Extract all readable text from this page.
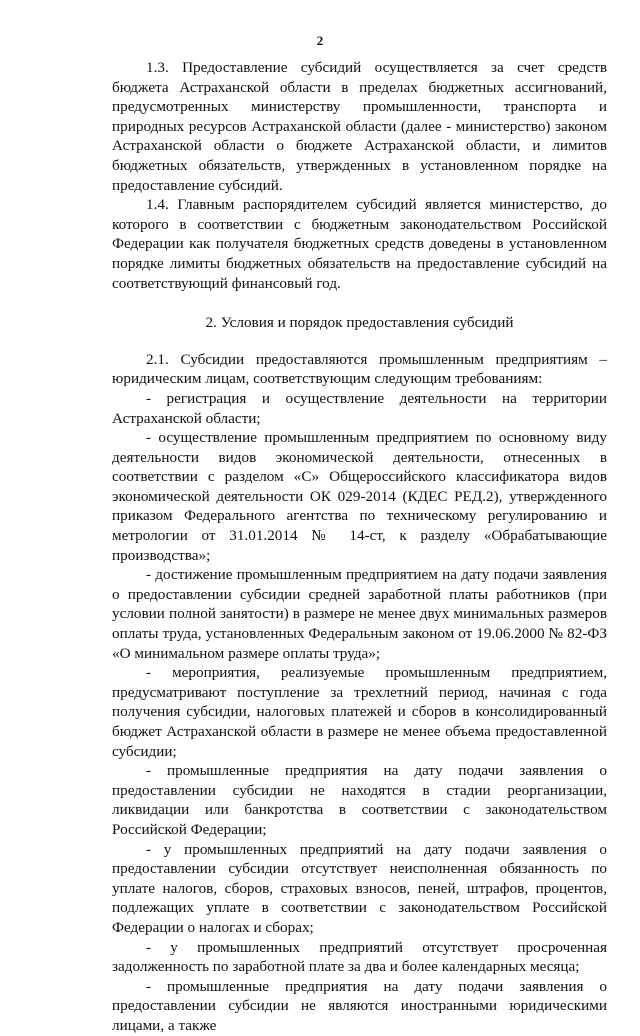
2

1.3. Предоставление субсидий осуществляется за счет средств бюджета Астраханской области в пределах бюджетных ассигнований, предусмотренных министерству промышленности, транспорта и природных ресурсов Астраханской области (далее - министерство) законом Астраханской области о бюджете Астраханской области, и лимитов бюджетных обязательств, утвержденных в установленном порядке на предоставление субсидий.

1.4. Главным распорядителем субсидий является министерство, до которого в соответствии с бюджетным законодательством Российской Федерации как получателя бюджетных средств доведены в установленном порядке лимиты бюджетных обязательств на предоставление субсидий на соответствующий финансовый год.

2. Условия и порядок предоставления субсидий

2.1. Субсидии предоставляются промышленным предприятиям – юридическим лицам, соответствующим следующим требованиям:

- регистрация и осуществление деятельности на территории Астраханской области;

- осуществление промышленным предприятием по основному виду деятельности видов экономической деятельности, отнесенных в соответствии с разделом «С» Общероссийского классификатора видов экономической деятельности ОК 029-2014 (КДЕС РЕД.2), утвержденного приказом Федерального агентства по техническому регулированию и метрологии от 31.01.2014 № 14-ст, к разделу «Обрабатывающие производства»;

- достижение промышленным предприятием на дату подачи заявления о предоставлении субсидии средней заработной платы работников (при условии полной занятости) в размере не менее двух минимальных размеров оплаты труда, установленных Федеральным законом от 19.06.2000 № 82-ФЗ «О минимальном размере оплаты труда»;

- мероприятия, реализуемые промышленным предприятием, предусматривают поступление за трехлетний период, начиная с года получения субсидии, налоговых платежей и сборов в консолидированный бюджет Астраханской области в размере не менее объема предоставленной субсидии;

- промышленные предприятия на дату подачи заявления о предоставлении субсидии не находятся в стадии реорганизации, ликвидации или банкротства в соответствии с законодательством Российской Федерации;

- у промышленных предприятий на дату подачи заявления о предоставлении субсидии отсутствует неисполненная обязанность по уплате налогов, сборов, страховых взносов, пеней, штрафов, процентов, подлежащих уплате в соответствии с законодательством Российской Федерации о налогах и сборах;

- у промышленных предприятий отсутствует просроченная задолженность по заработной плате за два и более календарных месяца;

- промышленные предприятия на дату подачи заявления о предоставлении субсидии не являются иностранными юридическими лицами, а также
